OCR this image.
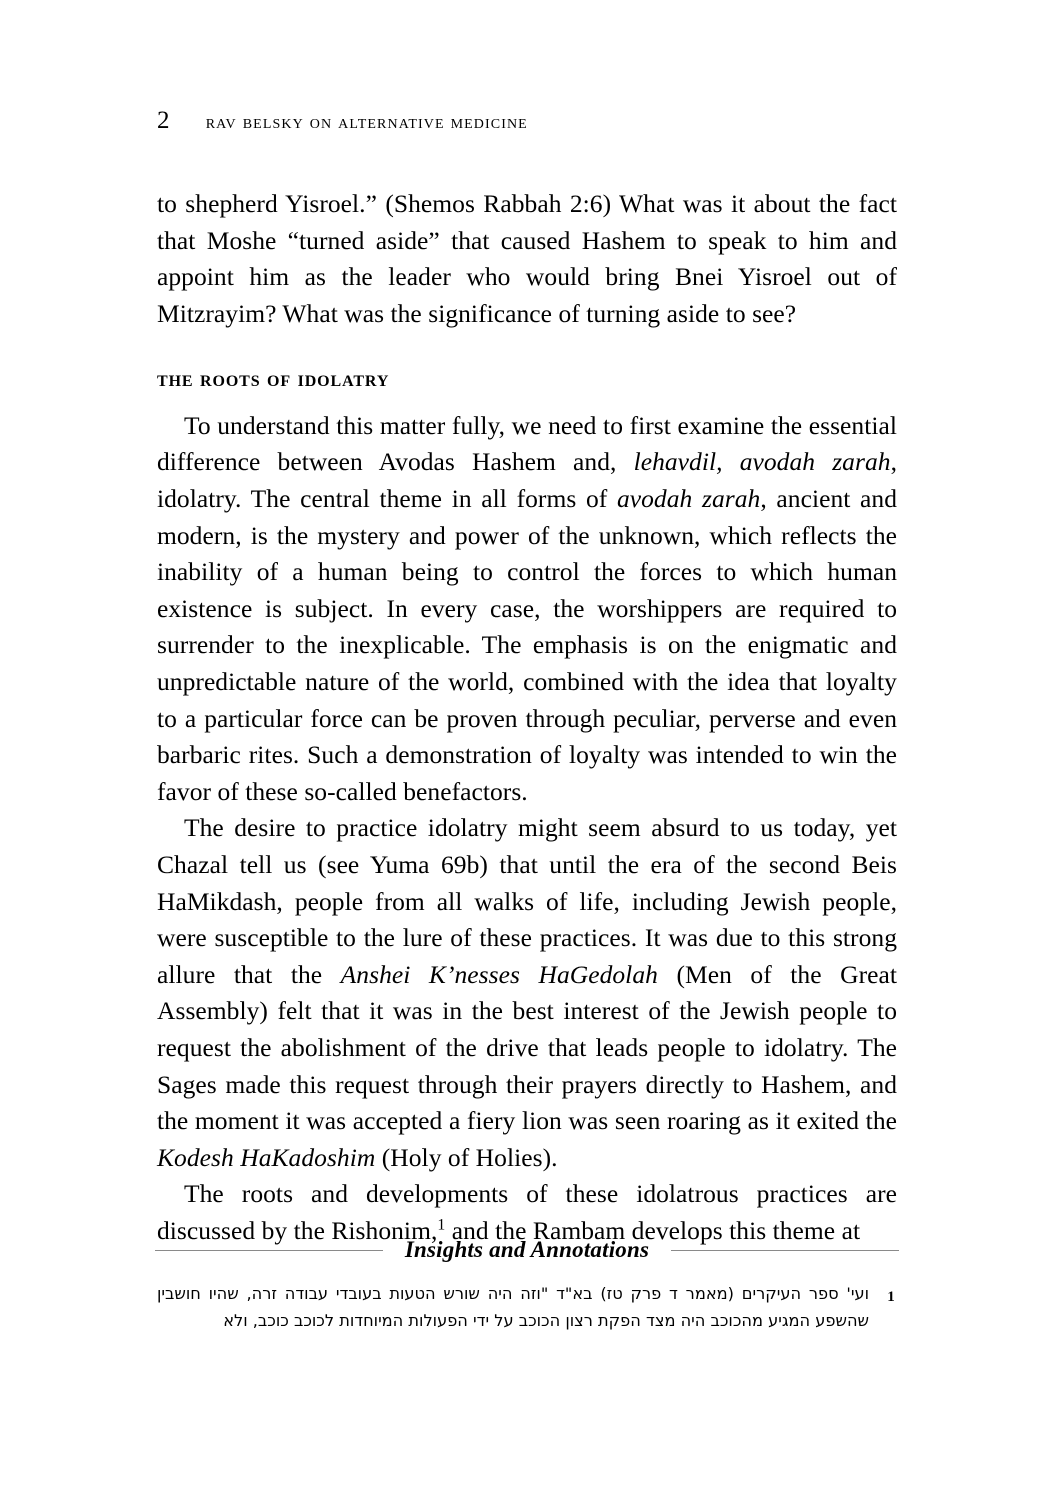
2 rav belsky on alternative medicine

to shepherd Yisroel.” (Shemos Rabbah 2:6) What was it about the fact that Moshe “turned aside” that caused Hashem to speak to him and appoint him as the leader who would bring Bnei Yisroel out of Mitzrayim? What was the significance of turning aside to see?

the roots of idolatry

To understand this matter fully, we need to first examine the essential difference between Avodas Hashem and, lehavdil, avodah zarah, idolatry. The central theme in all forms of avodah zarah, ancient and modern, is the mystery and power of the unknown, which reflects the inability of a human being to control the forces to which human existence is subject. In every case, the worshippers are required to surrender to the inexplicable. The emphasis is on the enigmatic and unpredictable nature of the world, combined with the idea that loyalty to a particular force can be proven through peculiar, perverse and even barbaric rites. Such a demonstration of loyalty was intended to win the favor of these so-called benefactors.

The desire to practice idolatry might seem absurd to us today, yet Chazal tell us (see Yuma 69b) that until the era of the second Beis HaMikdash, people from all walks of life, including Jewish people, were susceptible to the lure of these practices. It was due to this strong allure that the Anshei K’nesses HaGedolah (Men of the Great Assembly) felt that it was in the best interest of the Jewish people to request the abolishment of the drive that leads people to idolatry. The Sages made this request through their prayers directly to Hashem, and the moment it was accepted a fiery lion was seen roaring as it exited the Kodesh HaKadoshim (Holy of Holies).

The roots and developments of these idolatrous practices are discussed by the Rishonim,$^1$ and the Rambam develops this theme at

Insights and Annotations
1
ועי' ספר העיקרים (מאמר ד פרק טז) בא"ד "וזה היה שורש הטעות בעובדי עבודה זרה, שהיו חושבין שהשפע המגיע מהכוכב היה מצד הפקת רצון הכוכב על ידי הפעולות המיוחדות לכוכב כוכב, ולא
